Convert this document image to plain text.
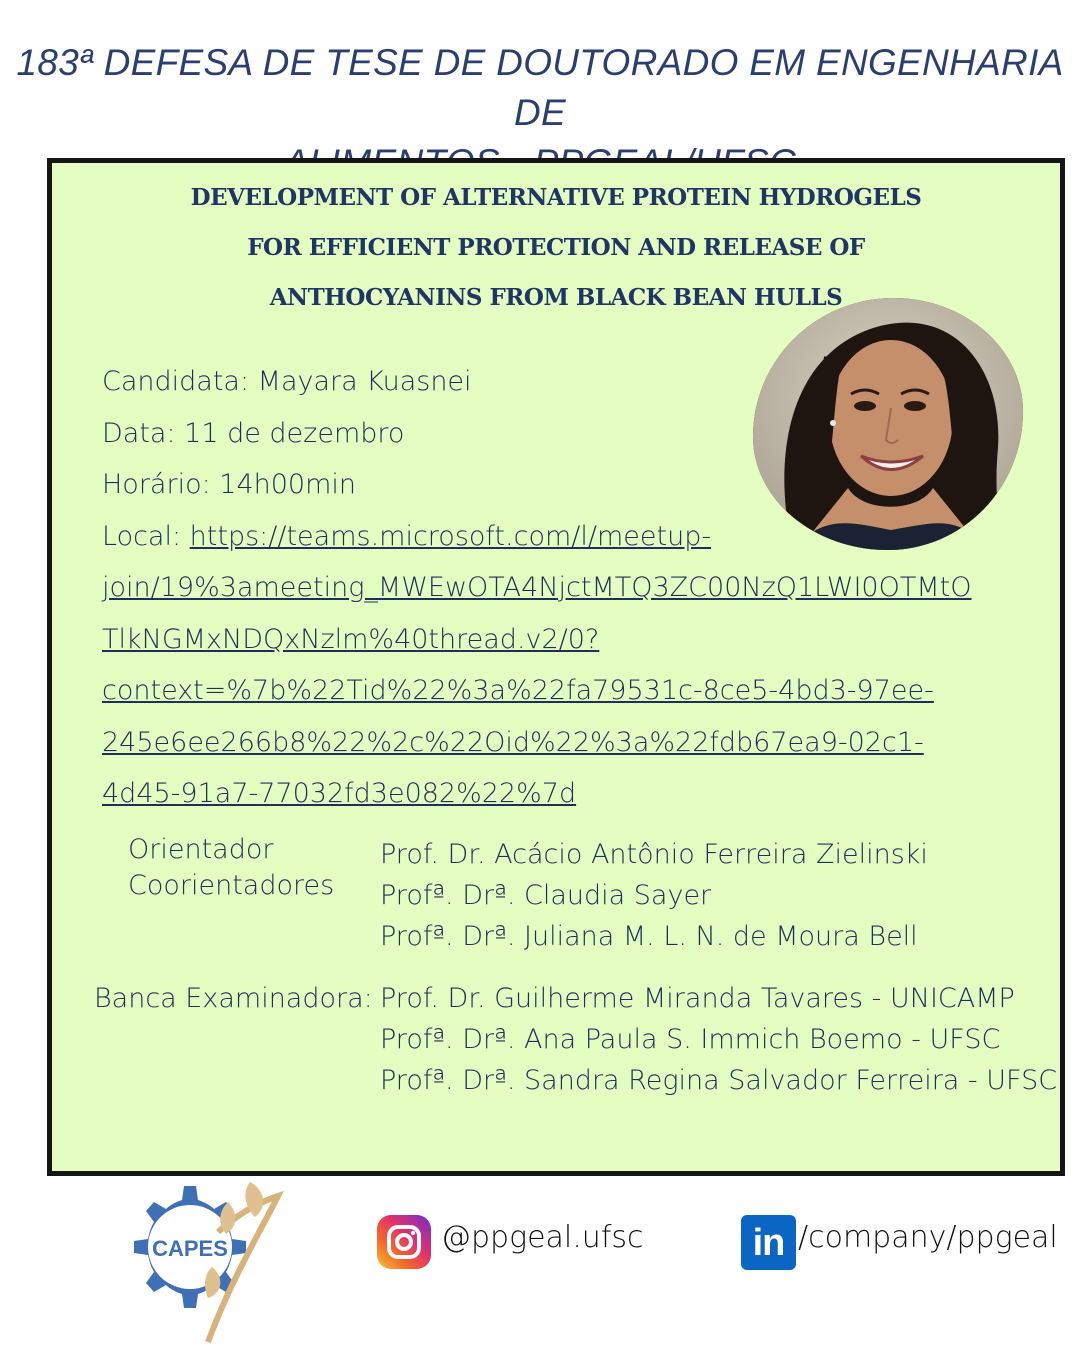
183ª DEFESA DE TESE DE DOUTORADO EM ENGENHARIA DE
DEVELOPMENT OF ALTERNATIVE PROTEIN HYDROGELS
FOR EFFICIENT PROTECTION AND RELEASE OF
ANTHOCYANINS FROM BLACK BEAN HULLS
Candidata: Mayara Kuasnei
Data: 11 de dezembro
Horário: 14h00min
Local: https://teams.microsoft.com/l/meetup-
join/19%3ameeting_MWEwOTA4NjctMTQ3ZC00NzQ1LWI0OTMtO
TlkNGMxNDQxNzlm%40thread.v2/0?
context=%7b%22Tid%22%3a%22fa79531c-8ce5-4bd3-97ee-
245e6ee266b8%22%2c%22Oid%22%3a%22fdb67ea9-02c1-
4d45-91a7-77032fd3e082%22%7d
Orientador
Coorientadores
Prof. Dr. Acácio Antônio Ferreira Zielinski
Profª. Drª. Claudia Sayer
Profª. Drª. Juliana M. L. N. de Moura Bell
Banca Examinadora: Prof. Dr. Guilherme Miranda Tavares - UNICAMP
Profª. Drª. Ana Paula S. Immich Boemo - UFSC
Profª. Drª. Sandra Regina Salvador Ferreira - UFSC
CAPES	@ppgeal.ufsc	in /company/ppgeal
